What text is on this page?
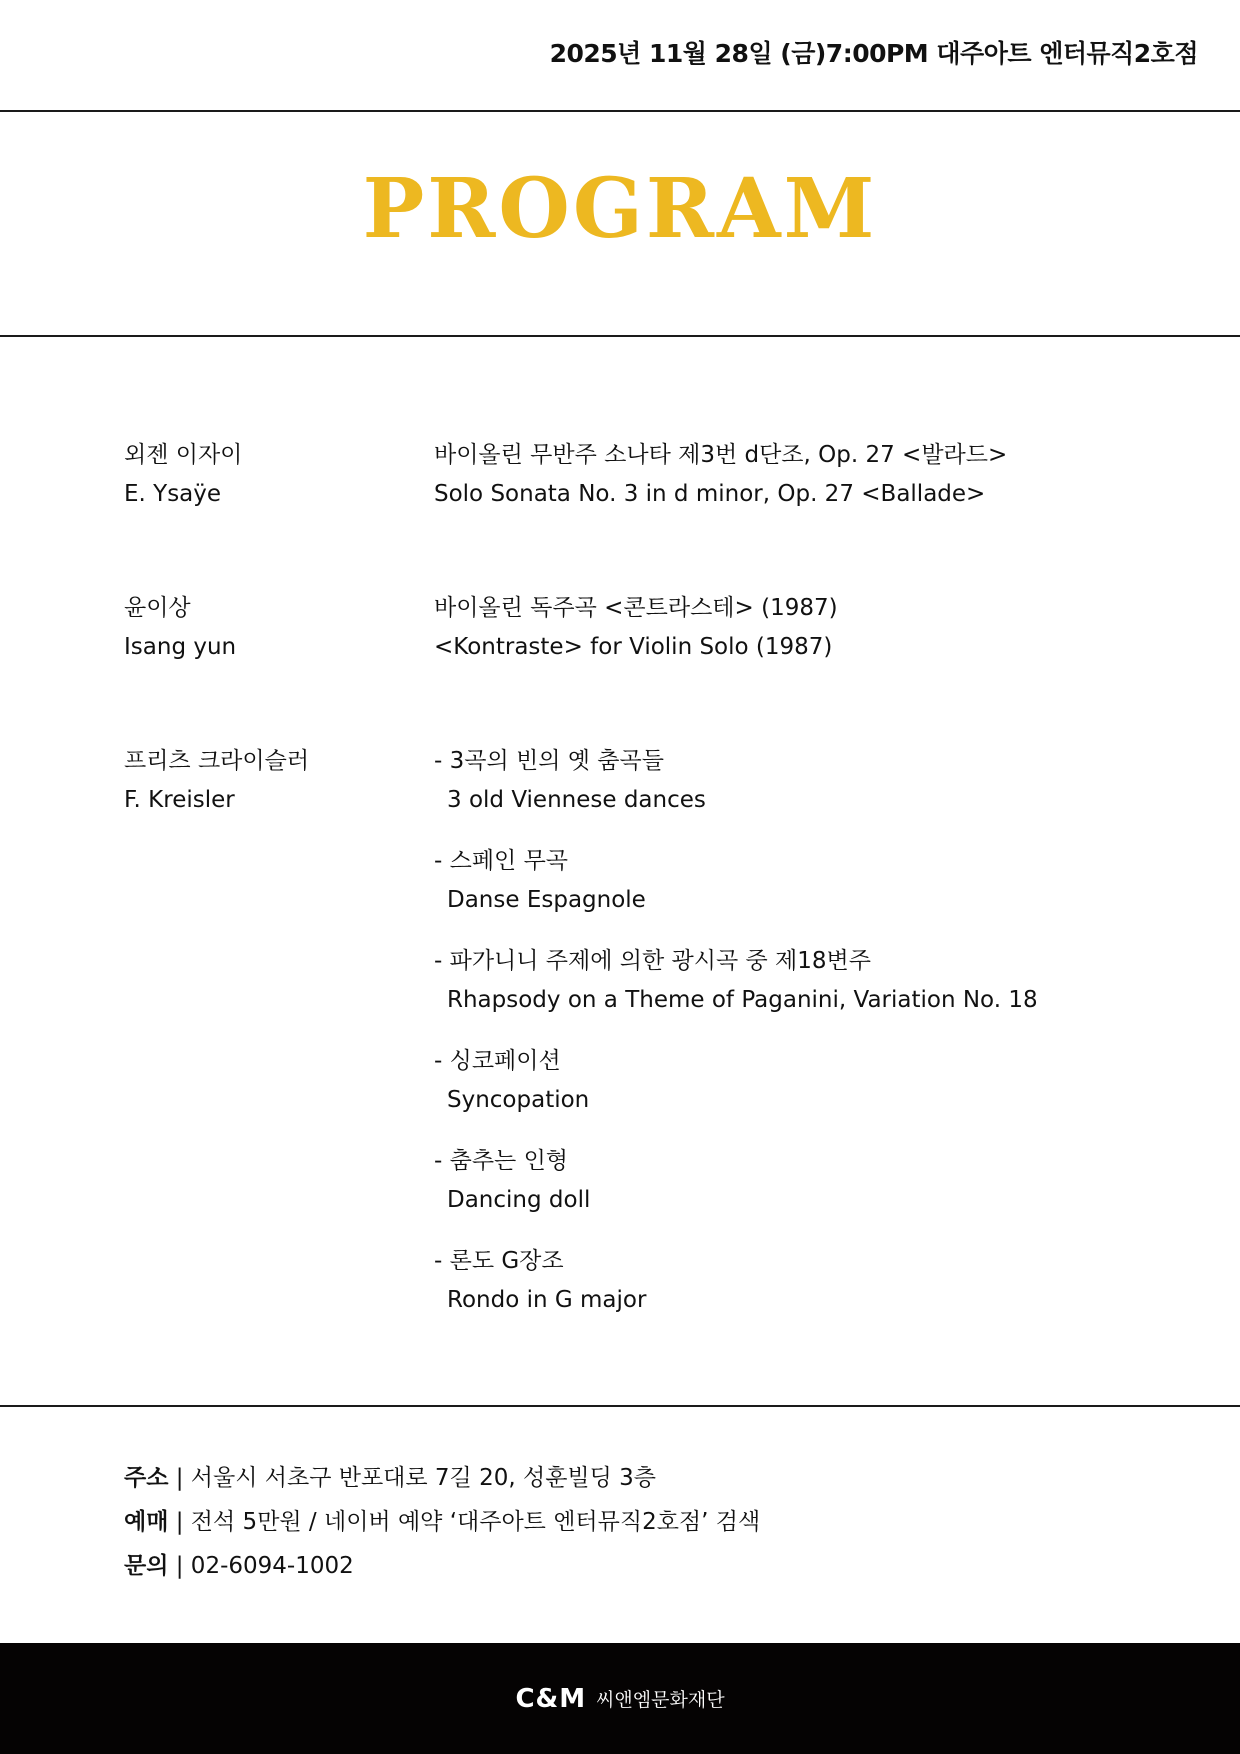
2025년 11월 28일 (금)7:00PM 대주아트 엔터뮤직2호점
PROGRAM
외젠 이자이
E. Ysaÿe
바이올린 무반주 소나타 제3번 d단조, Op. 27 <발라드>
Solo Sonata No. 3 in d minor, Op. 27 <Ballade>
윤이상
Isang yun
바이올린 독주곡 <콘트라스테> (1987)
<Kontraste> for Violin Solo (1987)
프리츠 크라이슬러
F. Kreisler
- 3곡의 빈의 옛 춤곡들
3 old Viennese dances
- 스페인 무곡
Danse Espagnole
- 파가니니 주제에 의한 광시곡 중 제18변주
Rhapsody on a Theme of Paganini, Variation No. 18
- 싱코페이션
Syncopation
- 춤추는 인형
Dancing doll
- 론도 G장조
Rondo in G major
주소 | 서울시 서초구 반포대로 7길 20, 성훈빌딩 3층
예매 | 전석 5만원 / 네이버 예약 ‘대주아트 엔터뮤직2호점’ 검색
문의 | 02-6094-1002
C&M 씨앤엠문화재단
